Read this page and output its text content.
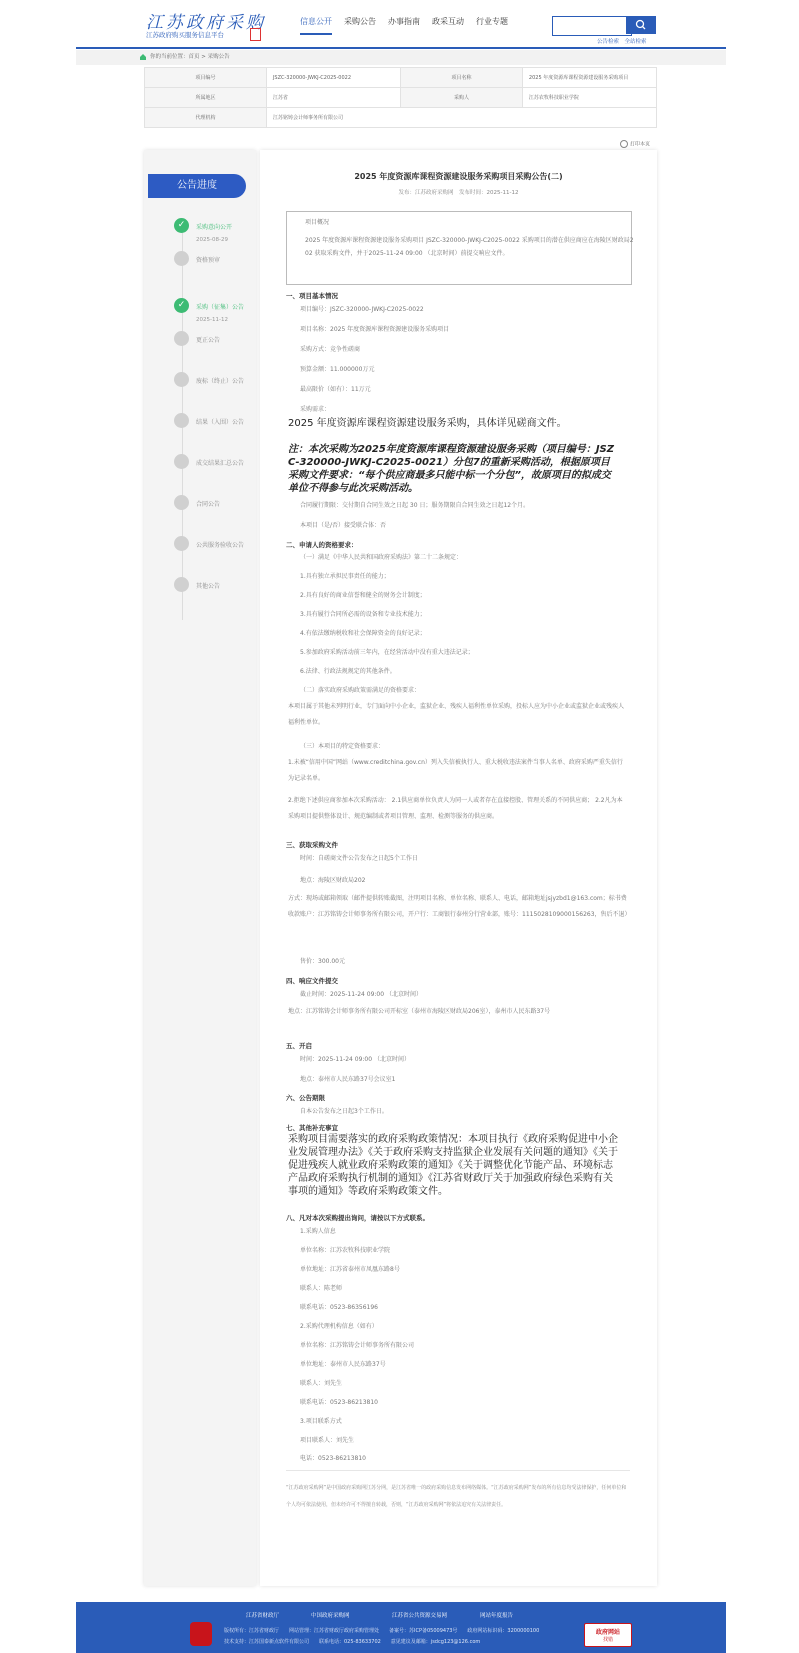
江苏政府采购
江苏政府购买服务信息平台
信息公开 采购公告 办事指南 政采互动 行业专题
公告检索　全站检索
你的当前位置：首页 > 采购公告
项目编号	JSZC-320000-JWKJ-C2025-0022	项目名称	2025 年度资源库课程资源建设服务采购项目
所属地区	江苏省	采购人	江苏农牧科技职业学院
代理机构	江苏铭铸会计师事务所有限公司		
打印本页
公告进度
✓	采购意向公开
2025-08-29
资格预审
✓	采购（征集）公告
2025-11-12
更正公告
废标（终止）公告
结果（入围）公告
成交结果汇总公告
合同公告
公共服务验收公告
其他公告
2025 年度资源库课程资源建设服务采购项目采购公告(二)
发布：江苏政府采购网　发布时间：2025-11-12
项目概况
2025 年度资源库课程资源建设服务采购项目 JSZC-320000-JWKJ-C2025-0022 采购项目的潜在供应商应在海陵区财政局202 获取采购文件，并于2025-11-24 09:00 （北京时间）前提交响应文件。
一、项目基本情况
项目编号：JSZC-320000-JWKJ-C2025-0022
项目名称：2025 年度资源库课程资源建设服务采购项目
采购方式：竞争性磋商
预算金额：11.000000万元
最高限价（如有）：11万元
采购需求：
2025 年度资源库课程资源建设服务采购，具体详见磋商文件。
注：本次采购为2025年度资源库课程资源建设服务采购（项目编号：JSZC-320000-JWKJ-C2025-0021）分包7的重新采购活动，根据原项目采购文件要求：“每个供应商最多只能中标一个分包”，故原项目的拟成交单位不得参与此次采购活动。
合同履行期限：交付期自合同生效之日起 30 日；服务期限自合同生效之日起12个月。
本项目（是/否）接受联合体：否
二、申请人的资格要求：
（一）满足《中华人民共和国政府采购法》第二十二条规定：
1.具有独立承担民事责任的能力；
2.具有良好的商业信誉和健全的财务会计制度；
3.具有履行合同所必需的设备和专业技术能力；
4.有依法缴纳税收和社会保障资金的良好记录；
5.参加政府采购活动前三年内，在经营活动中没有重大违法记录；
6.法律、行政法规规定的其他条件。
（二）落实政府采购政策需满足的资格要求：
本项目属于其他未列明行业，专门面向中小企业，监狱企业、残疾人福利性单位采购，投标人应为中小企业或监狱企业或残疾人福利性单位。
（三）本项目的特定资格要求：
1.未被“信用中国”网站（www.creditchina.gov.cn）列入失信被执行人、重大税收违法案件当事人名单、政府采购严重失信行为记录名单。
2.拒绝下述供应商参加本次采购活动： 2.1供应商单位负责人为同一人或者存在直接控股、管理关系的不同供应商； 2.2凡为本采购项目提供整体设计、规范编制或者项目管理、监理、检测等服务的供应商。
三、获取采购文件
时间：自磋商文件公告发布之日起5个工作日
地点：海陵区财政局202
方式：现场或邮箱领取（邮件提供转账截图，注明项目名称、单位名称、联系人、电话，邮箱地址jsjyzbd1@163.com；标书费收款账户：江苏铭铸会计师事务所有限公司，开户行：工商银行泰州分行营业部，账号：1115028109000156263，售后不退）
售价：300.00元
四、响应文件提交
截止时间：2025-11-24 09:00 （北京时间）
地点：江苏铭铸会计师事务所有限公司开标室（泰州市海陵区财政局206室），泰州市人民东路37号
五、开启
时间：2025-11-24 09:00 （北京时间）
地点：泰州市人民东路37号会议室1
六、公告期限
自本公告发布之日起3个工作日。
七、其他补充事宜
采购项目需要落实的政府采购政策情况：本项目执行《政府采购促进中小企业发展管理办法》《关于政府采购支持监狱企业发展有关问题的通知》《关于促进残疾人就业政府采购政策的通知》《关于调整优化节能产品、环境标志产品政府采购执行机制的通知》《江苏省财政厅关于加强政府绿色采购有关事项的通知》等政府采购政策文件。
八、凡对本次采购提出询问，请按以下方式联系。
1.采购人信息
单位名称：江苏农牧科技职业学院
单位地址：江苏省泰州市凤凰东路8号
联系人：陈老师
联系电话：0523-86356196
2.采购代理机构信息（如有）
单位名称：江苏铭铸会计师事务所有限公司
单位地址：泰州市人民东路37号
联系人：刘先生
联系电话：0523-86213810
3.项目联系方式
项目联系人：刘先生
电话：0523-86213810
“江苏政府采购网”是中国政府采购网江苏分网，是江苏省唯一的政府采购信息发布网络媒体。“江苏政府采购网”发布的所有信息均受法律保护，任何单位和个人均可依法使用，但未经许可不得擅自转载，否则，“江苏政府采购网”将依法追究有关法律责任。
江苏省财政厅	中国政府采购网	江苏省公共资源交易网	网站年度报告
版权所有：江苏省财政厅　　网站管理：江苏省财政厅政府采购管理处　　备案号：苏ICP备05009473号　　政府网站标识码：3200000100
技术支持：江苏国泰新点软件有限公司　　联系电话：025-83633702　　意见建议及邮箱：jsdcg123@126.com
政府网站
找错
